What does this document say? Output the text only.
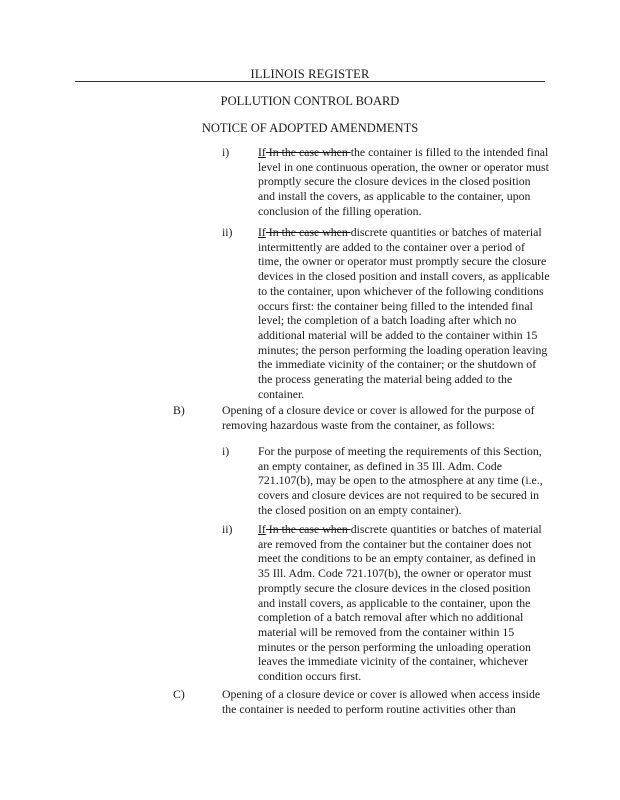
ILLINOIS REGISTER
POLLUTION CONTROL BOARD
NOTICE OF ADOPTED AMENDMENTS
i) If In the case when the container is filled to the intended final level in one continuous operation, the owner or operator must promptly secure the closure devices in the closed position and install the covers, as applicable to the container, upon conclusion of the filling operation.
ii) If In the case when discrete quantities or batches of material intermittently are added to the container over a period of time, the owner or operator must promptly secure the closure devices in the closed position and install covers, as applicable to the container, upon whichever of the following conditions occurs first: the container being filled to the intended final level; the completion of a batch loading after which no additional material will be added to the container within 15 minutes; the person performing the loading operation leaving the immediate vicinity of the container; or the shutdown of the process generating the material being added to the container.
B)	Opening of a closure device or cover is allowed for the purpose of removing hazardous waste from the container, as follows:
i) For the purpose of meeting the requirements of this Section, an empty container, as defined in 35 Ill. Adm. Code 721.107(b), may be open to the atmosphere at any time (i.e., covers and closure devices are not required to be secured in the closed position on an empty container).
ii) If In the case when discrete quantities or batches of material are removed from the container but the container does not meet the conditions to be an empty container, as defined in 35 Ill. Adm. Code 721.107(b), the owner or operator must promptly secure the closure devices in the closed position and install covers, as applicable to the container, upon the completion of a batch removal after which no additional material will be removed from the container within 15 minutes or the person performing the unloading operation leaves the immediate vicinity of the container, whichever condition occurs first.
C)	Opening of a closure device or cover is allowed when access inside the container is needed to perform routine activities other than
